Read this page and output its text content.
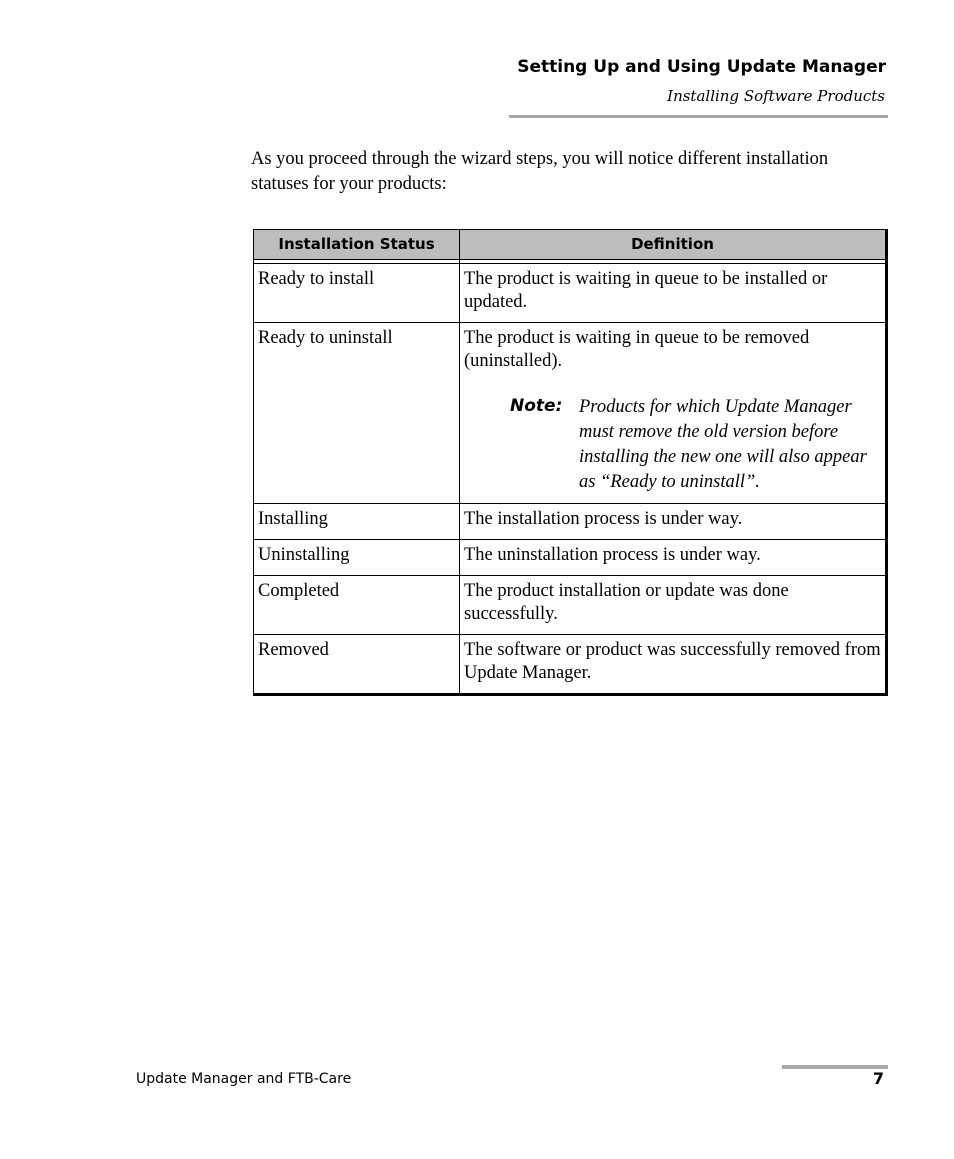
Setting Up and Using Update Manager
Installing Software Products

As you proceed through the wizard steps, you will notice different installation statuses for your products:

Installation Status	Definition

Ready to install	The product is waiting in queue to be installed or updated.
Ready to uninstall	The product is waiting in queue to be removed (uninstalled).
Note: Products for which Update Manager must remove the old version before installing the new one will also appear as “Ready to uninstall”.

Installing	The installation process is under way.
Uninstalling	The uninstallation process is under way.
Completed	The product installation or update was done successfully.
Removed	The software or product was successfully removed from Update Manager.
Update Manager and FTB-Care	7
